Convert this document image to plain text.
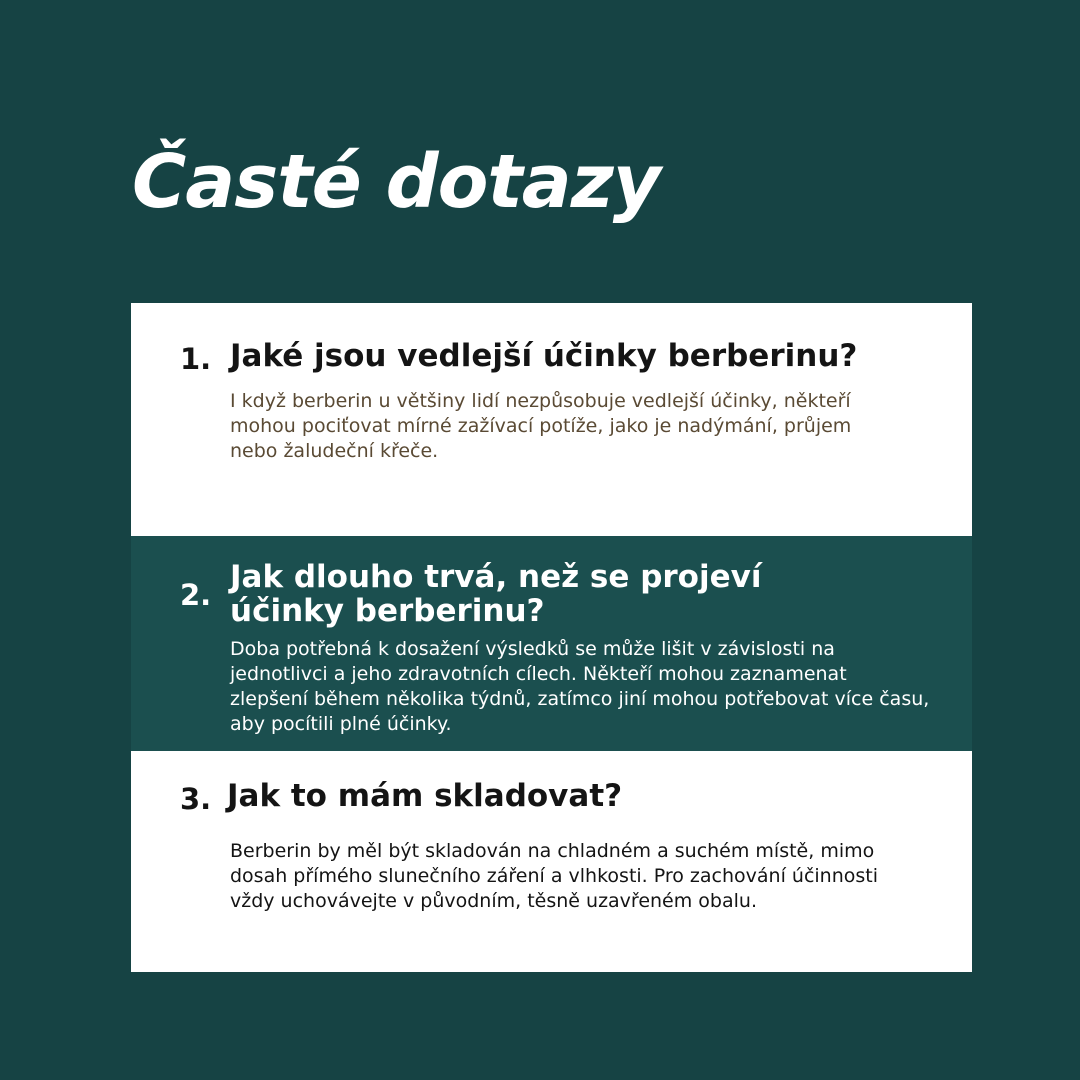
Časté dotazy
1. Jaké jsou vedlejší účinky berberinu?

I když berberin u většiny lidí nezpůsobuje vedlejší účinky, někteří mohou pociťovat mírné zažívací potíže, jako je nadýmání, průjem nebo žaludeční křeče.

2. Jak dlouho trvá, než se projeví
účinky berberinu?

Doba potřebná k dosažení výsledků se může lišit v závislosti na jednotlivci a jeho zdravotních cílech. Někteří mohou zaznamenat zlepšení během několika týdnů, zatímco jiní mohou potřebovat více času, aby pocítili plné účinky.

3. Jak to mám skladovat?

Berberin by měl být skladován na chladném a suchém místě, mimo dosah přímého slunečního záření a vlhkosti. Pro zachování účinnosti vždy uchovávejte v původním, těsně uzavřeném obalu.
